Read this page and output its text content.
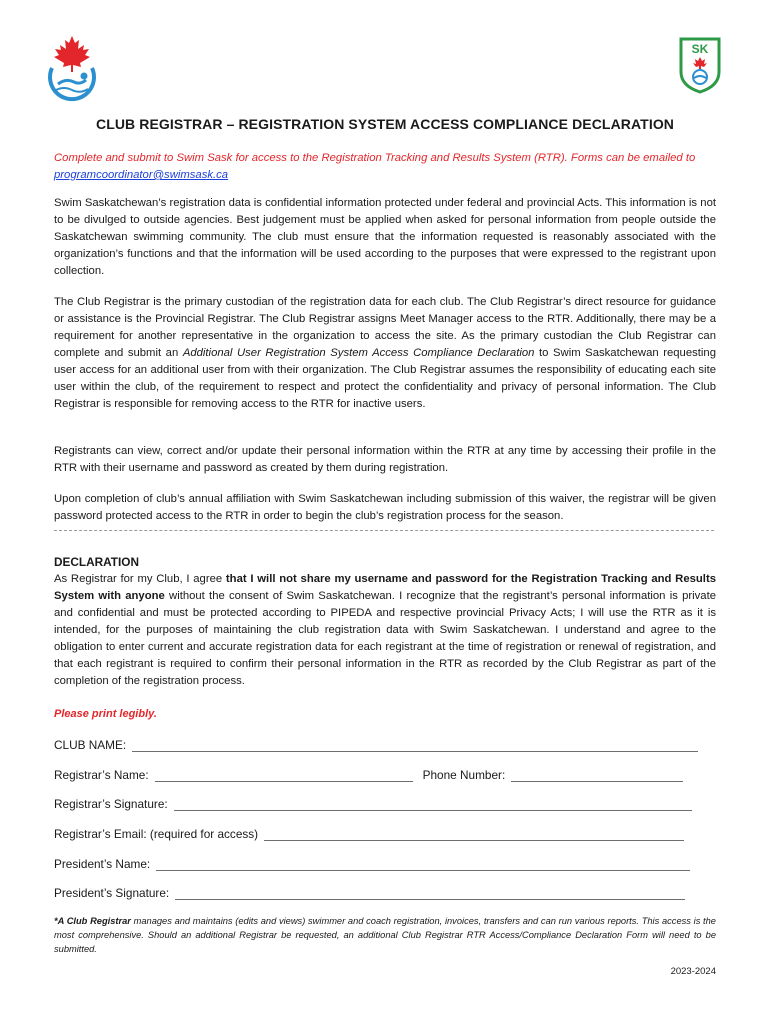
SK
CLUB REGISTRAR – REGISTRATION SYSTEM ACCESS COMPLIANCE DECLARATION
Complete and submit to Swim Sask for access to the Registration Tracking and Results System (RTR). Forms can be emailed to programcoordinator@swimsask.ca
Swim Saskatchewan’s registration data is confidential information protected under federal and provincial Acts. This information is not to be divulged to outside agencies. Best judgement must be applied when asked for personal information from people outside the Saskatchewan swimming community. The club must ensure that the information requested is reasonably associated with the organization’s functions and that the information will be used according to the purposes that were expressed to the registrant upon collection.
The Club Registrar is the primary custodian of the registration data for each club. The Club Registrar’s direct resource for guidance or assistance is the Provincial Registrar. The Club Registrar assigns Meet Manager access to the RTR. Additionally, there may be a requirement for another representative in the organization to access the site. As the primary custodian the Club Registrar can complete and submit an Additional User Registration System Access Compliance Declaration to Swim Saskatchewan requesting user access for an additional user from with their organization. The Club Registrar assumes the responsibility of educating each site user within the club, of the requirement to respect and protect the confidentiality and privacy of personal information. The Club Registrar is responsible for removing access to the RTR for inactive users.
Registrants can view, correct and/or update their personal information within the RTR at any time by accessing their profile in the RTR with their username and password as created by them during registration.
Upon completion of club’s annual affiliation with Swim Saskatchewan including submission of this waiver, the registrar will be given password protected access to the RTR in order to begin the club’s registration process for the season.
DECLARATION
As Registrar for my Club, I agree that I will not share my username and password for the Registration Tracking and Results System with anyone without the consent of Swim Saskatchewan. I recognize that the registrant’s personal information is private and confidential and must be protected according to PIPEDA and respective provincial Privacy Acts; I will use the RTR as it is intended, for the purposes of maintaining the club registration data with Swim Saskatchewan. I understand and agree to the obligation to enter current and accurate registration data for each registrant at the time of registration or renewal of registration, and that each registrant is required to confirm their personal information in the RTR as recorded by the Club Registrar as part of the completion of the registration process.
Please print legibly.
CLUB NAME:
Registrar’s Name:	Phone Number:
Registrar’s Signature:
Registrar’s Email: (required for access)
President’s Name:
President’s Signature:
*A Club Registrar manages and maintains (edits and views) swimmer and coach registration, invoices, transfers and can run various reports. This access is the most comprehensive. Should an additional Registrar be requested, an additional Club Registrar RTR Access/Compliance Declaration Form will need to be submitted.
2023-2024
